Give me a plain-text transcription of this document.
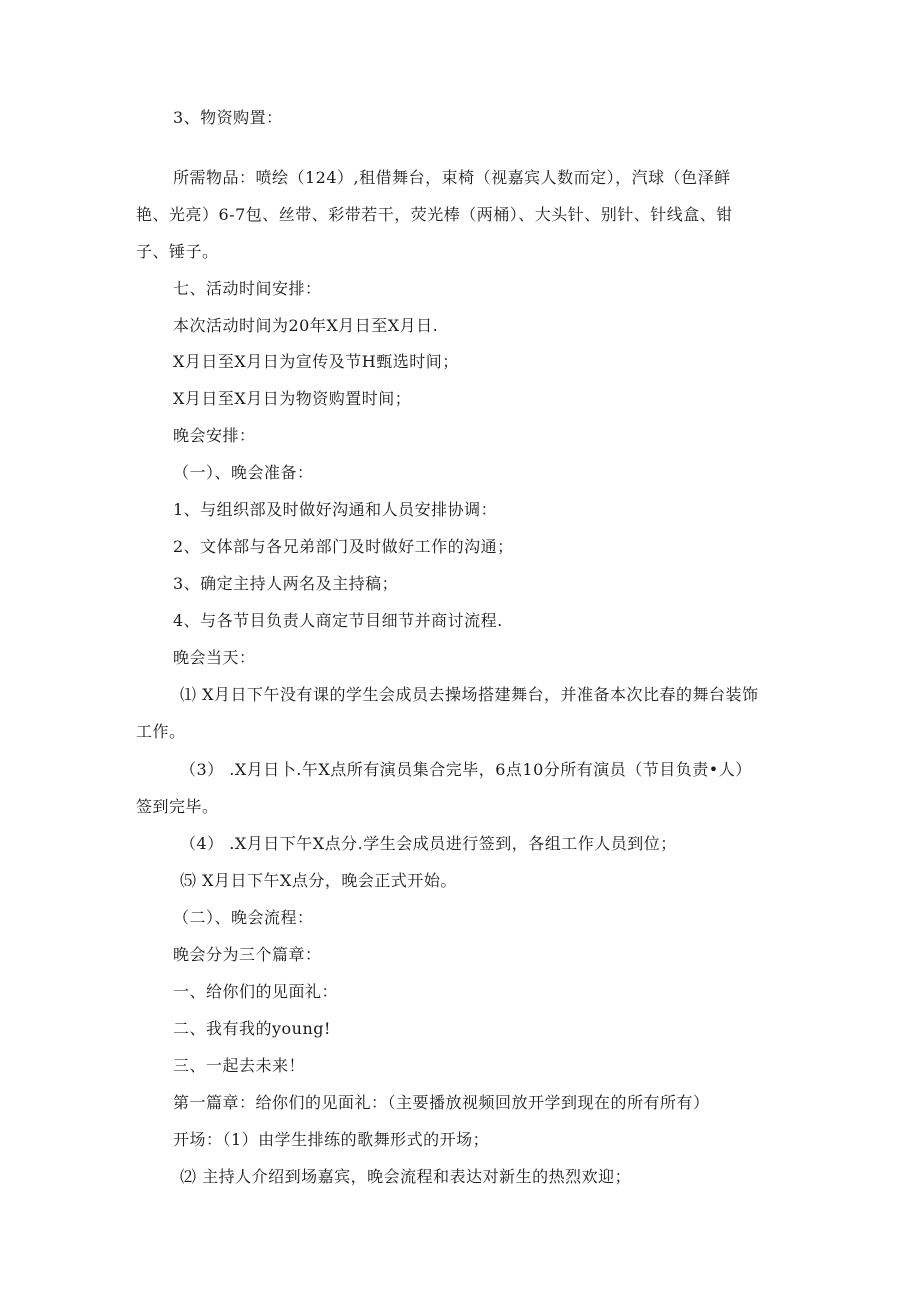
3、物资购置：
所需物品：喷绘（124）,租借舞台，束椅（视嘉宾人数而定），汽球（色泽鲜
艳、光亮）6-7包、丝带、彩带若干，荧光棒（两桶）、大头针、别针、针线盒、钳
子、锤子。
七、活动时间安排：
本次活动时间为20年X月日至X月日.
X月日至X月日为宣传及节H甄选时间；
X月日至X月日为物资购置时间；
晚会安排：
（一）、晚会准备：
1、与组织部及时做好沟通和人员安排协调：
2、文体部与各兄弟部门及时做好工作的沟通；
3、确定主持人两名及主持稿；
4、与各节目负责人商定节目细节并商讨流程.
晚会当天：
⑴ X月日下午没有课的学生会成员去操场搭建舞台，并准备本次比春的舞台装饰
工作。
（3） .X月日卜.午X点所有演员集合完毕，6点10分所有演员（节目负责•人）
签到完毕。
（4） .X月日下午X点分.学生会成员进行签到，各组工作人员到位；
⑸ X月日下午X点分，晚会正式开始。
（二）、晚会流程：
晚会分为三个篇章：
一、给你们的见面礼：
二、我有我的young!
三、一起去未来！
第一篇章：给你们的见面礼：（主要播放视频回放开学到现在的所有所有）
开场：（1）由学生排练的歌舞形式的开场；
⑵ 主持人介绍到场嘉宾，晚会流程和表达对新生的热烈欢迎；
